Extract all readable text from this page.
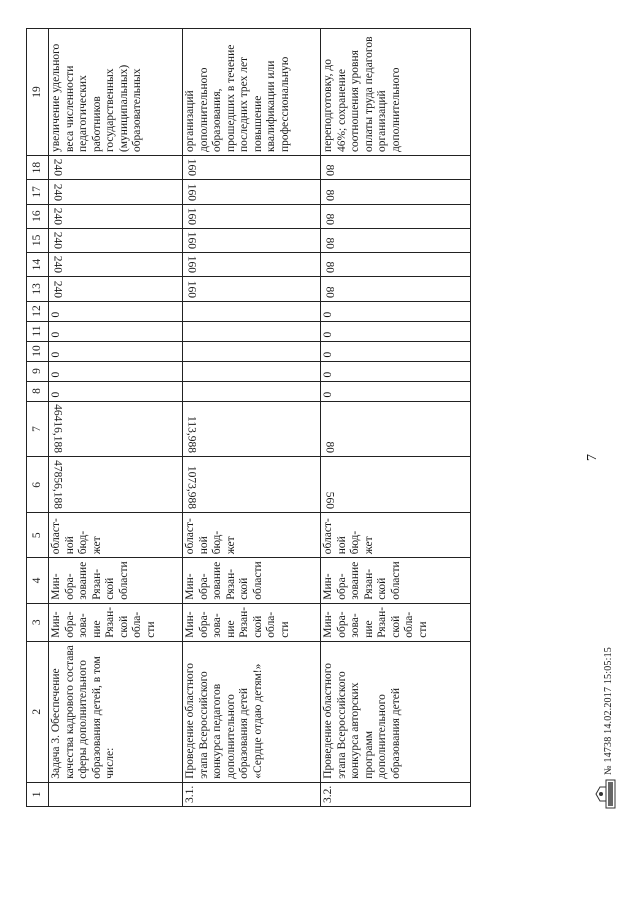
7
1	2	3	4	5	6	7	8	9	10	11	12	13	14	15	16	17	18	19
	Задача 3. Обеспечение качества кадрового состава сферы дополнительного образования детей, в том числе:	Мин-обра-зова-ние Рязан-ской обла-сти	Мин-обра-зование Рязан-ской области	област-ной бюд-жет	47856,188	46416,188	0	0	0	0	0	240	240	240	240	240	240	увеличение удельного веса численности педагогических работников государственных (муниципальных) образовательных
3.1.	Проведение областного этапа Всероссийского конкурса педагогов дополнительного образования детей «Сердце отдаю детям!»	Мин-обра-зова-ние Рязан-ской обла-сти	Мин-обра-зование Рязан-ской области	област-ной бюд-жет	1073,988	113,988						160	160	160	160	160	160	организаций дополнительного образования, прошедших в течение последних трех лет повышение квалификации или профессиональную
3.2.	Проведение областного этапа Всероссийского конкурса авторских программ дополнительного образования детей	Мин-обра-зова-ние Рязан-ской обла-сти	Мин-обра-зование Рязан-ской области	област-ной бюд-жет	560	80	0	0	0	0	0	80	80	80	80	80	80	переподготовку, до 46%; сохранение соотношения уровня оплаты труда педагогов организаций дополнительного
№ 14738 14.02.2017 15:05:15
